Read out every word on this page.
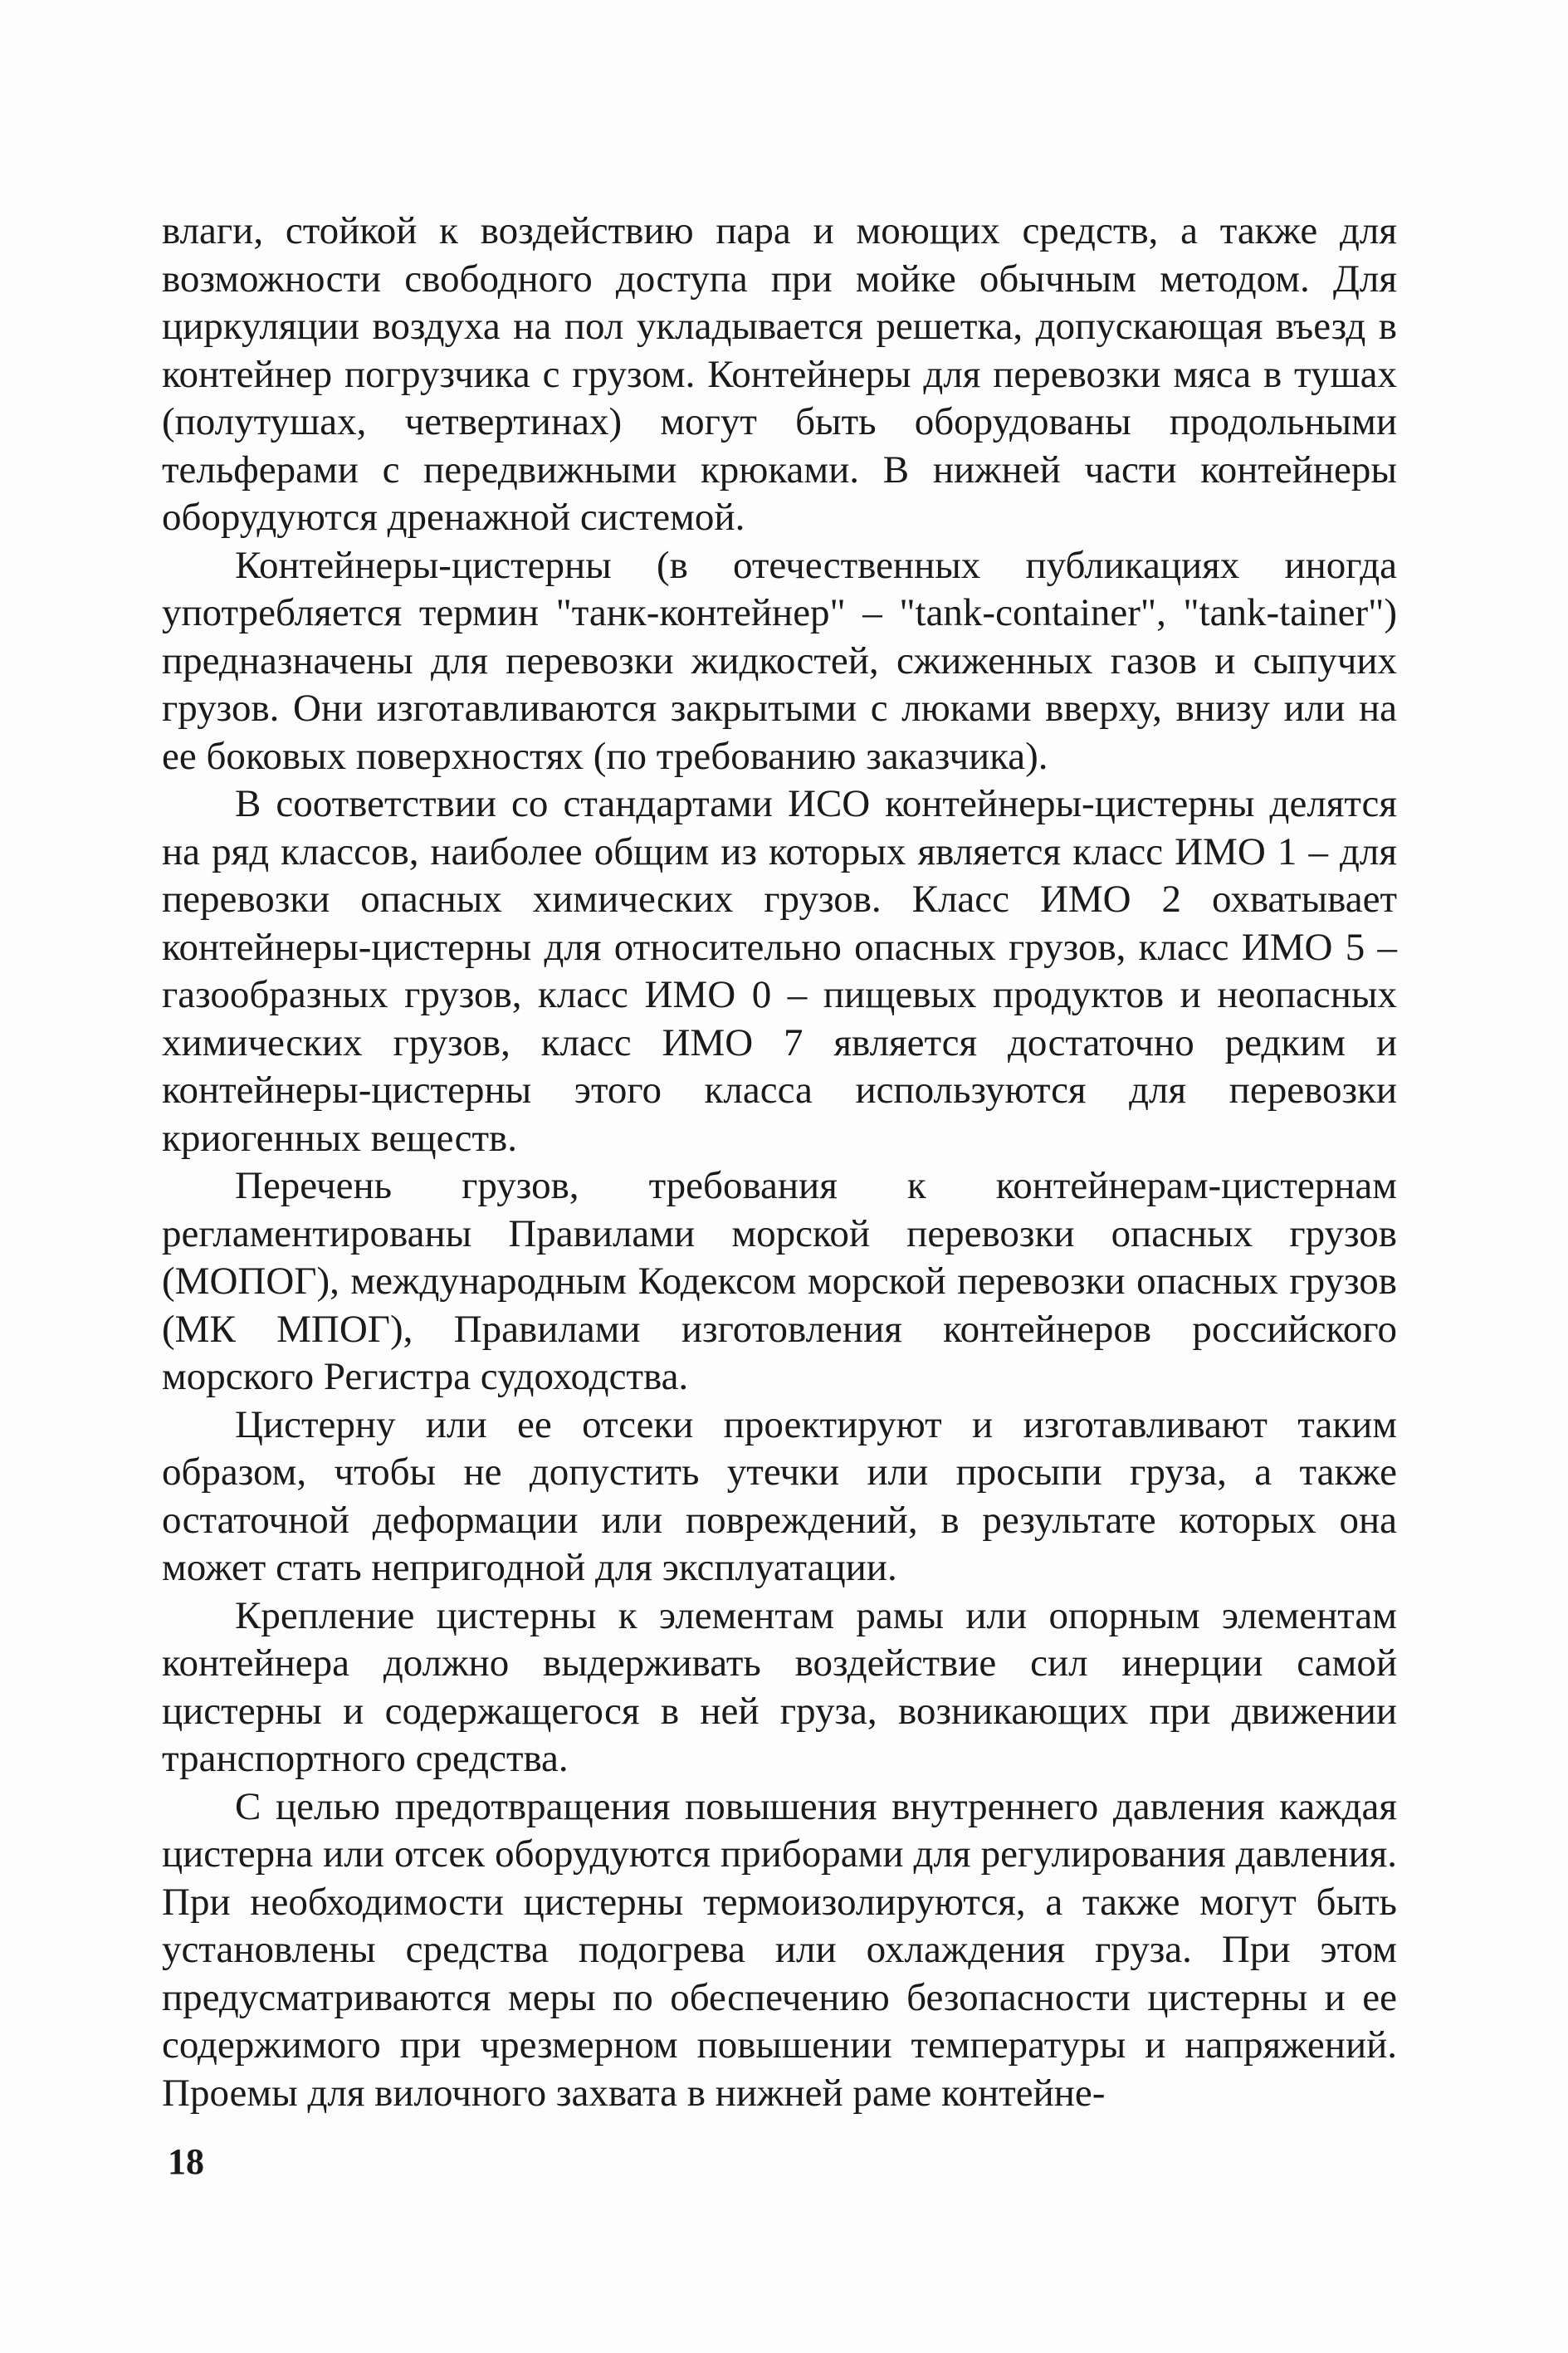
влаги, стойкой к воздействию пара и моющих средств, а также для возможности свободного доступа при мойке обычным методом. Для циркуляции воздуха на пол укладывается решетка, допускающая въезд в контейнер погрузчика с грузом. Контейнеры для перевозки мяса в тушах (полутушах, четвертинах) могут быть оборудованы продольными тельферами с передвижными крюками. В нижней части контейнеры оборудуются дренажной системой.

Контейнеры-цистерны (в отечественных публикациях иногда употребляется термин "танк-контейнер" – "tank-container", "tank-tainer") предназначены для перевозки жидкостей, сжиженных газов и сыпучих грузов. Они изготавливаются закрытыми с люками вверху, внизу или на ее боковых поверхностях (по требованию заказчика).

В соответствии со стандартами ИСО контейнеры-цистерны делятся на ряд классов, наиболее общим из которых является класс ИМО 1 – для перевозки опасных химических грузов. Класс ИМО 2 охватывает контейнеры-цистерны для относительно опасных грузов, класс ИМО 5 – газообразных грузов, класс ИМО 0 – пищевых продуктов и неопасных химических грузов, класс ИМО 7 является достаточно редким и контейнеры-цистерны этого класса используются для перевозки криогенных веществ.

Перечень грузов, требования к контейнерам-цистернам регламентированы Правилами морской перевозки опасных грузов (МОПОГ), международным Кодексом морской перевозки опасных грузов (МК МПОГ), Правилами изготовления контейнеров российского морского Регистра судоходства.

Цистерну или ее отсеки проектируют и изготавливают таким образом, чтобы не допустить утечки или просыпи груза, а также остаточной деформации или повреждений, в результате которых она может стать непригодной для эксплуатации.

Крепление цистерны к элементам рамы или опорным элементам контейнера должно выдерживать воздействие сил инерции самой цистерны и содержащегося в ней груза, возникающих при движении транспортного средства.

С целью предотвращения повышения внутреннего давления каждая цистерна или отсек оборудуются приборами для регулирования давления. При необходимости цистерны термоизолируются, а также могут быть установлены средства подогрева или охлаждения груза. При этом предусматриваются меры по обеспечению безопасности цистерны и ее содержимого при чрезмерном повышении температуры и напряжений. Проемы для вилочного захвата в нижней раме контейне-

18
